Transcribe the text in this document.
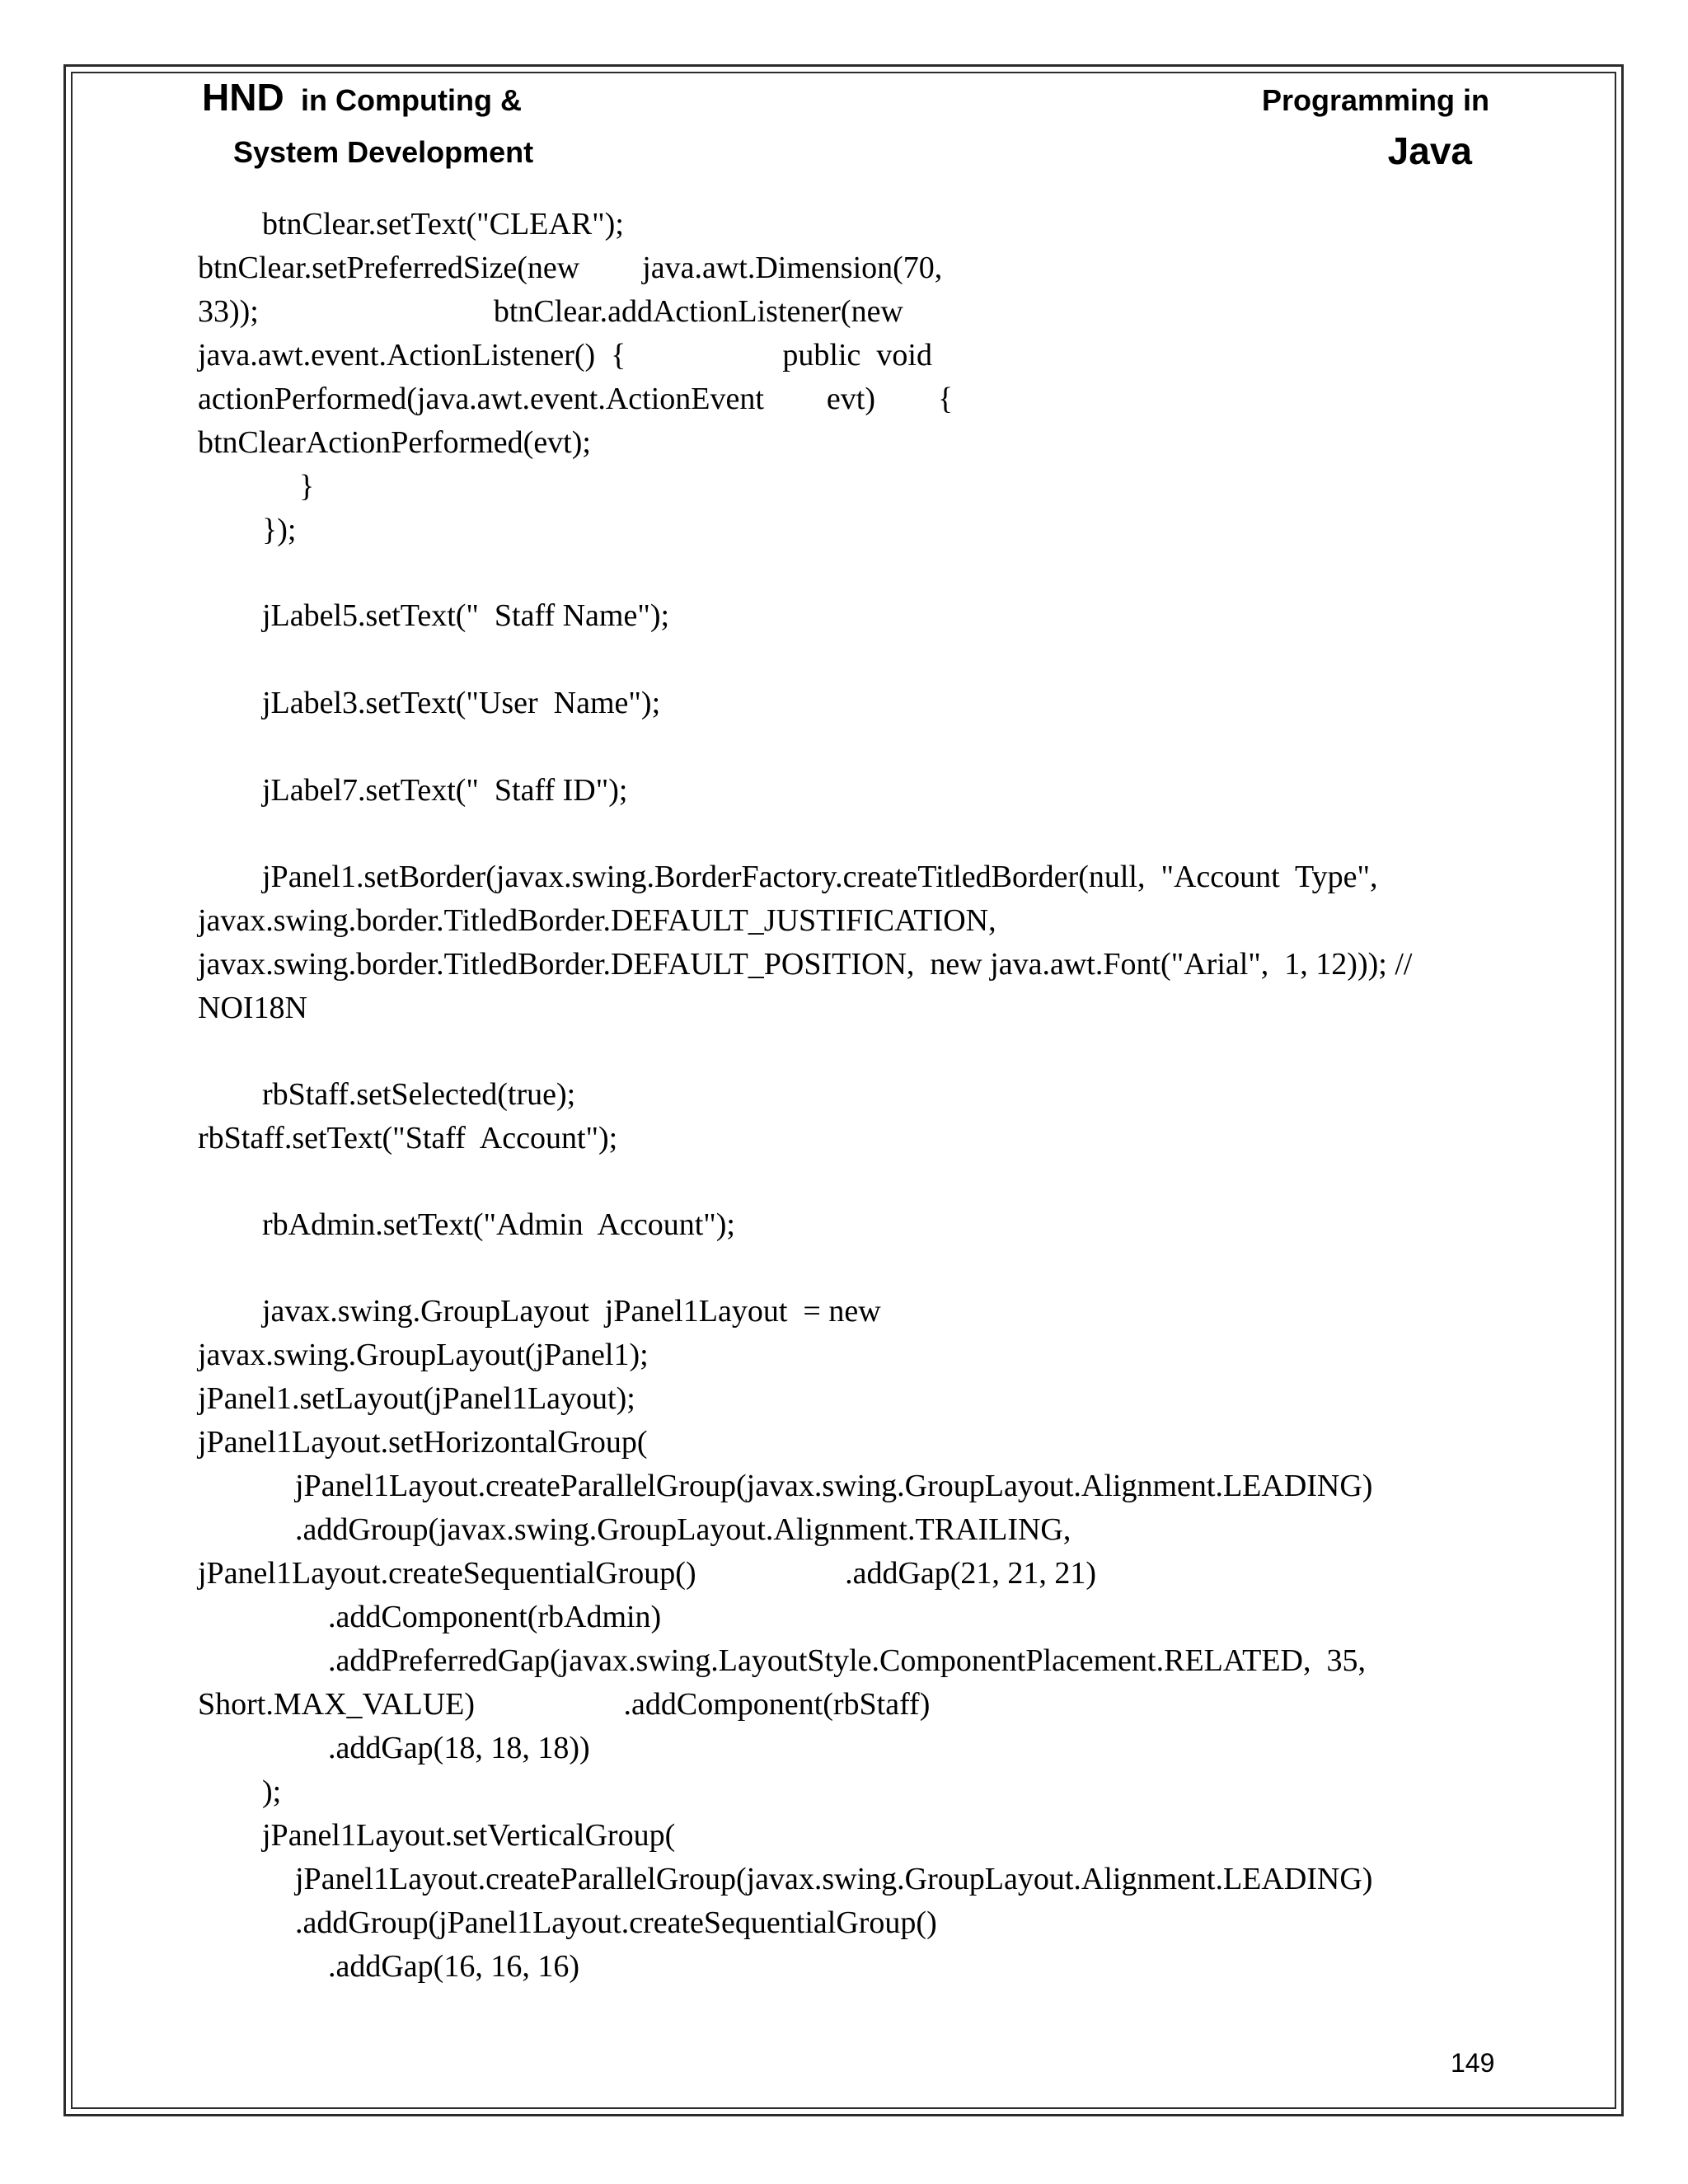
HND in Computing &
System Development
Programming in
Java
btnClear.setText("CLEAR");
btnClear.setPreferredSize(new        java.awt.Dimension(70,
33));                              btnClear.addActionListener(new
java.awt.event.ActionListener()  {                    public  void
actionPerformed(java.awt.event.ActionEvent        evt)        {
btnClearActionPerformed(evt);
}
});
jLabel5.setText("  Staff Name");
jLabel3.setText("User  Name");
jLabel7.setText("  Staff ID");
jPanel1.setBorder(javax.swing.BorderFactory.createTitledBorder(null,  "Account  Type",
javax.swing.border.TitledBorder.DEFAULT_JUSTIFICATION,
javax.swing.border.TitledBorder.DEFAULT_POSITION,  new java.awt.Font("Arial",  1, 12))); //
NOI18N
rbStaff.setSelected(true);
rbStaff.setText("Staff  Account");
rbAdmin.setText("Admin  Account");
javax.swing.GroupLayout  jPanel1Layout  = new
javax.swing.GroupLayout(jPanel1);
jPanel1.setLayout(jPanel1Layout);
jPanel1Layout.setHorizontalGroup(
jPanel1Layout.createParallelGroup(javax.swing.GroupLayout.Alignment.LEADING)
.addGroup(javax.swing.GroupLayout.Alignment.TRAILING,
jPanel1Layout.createSequentialGroup()                   .addGap(21, 21, 21)
.addComponent(rbAdmin)
.addPreferredGap(javax.swing.LayoutStyle.ComponentPlacement.RELATED,  35,
Short.MAX_VALUE)                   .addComponent(rbStaff)
.addGap(18, 18, 18))
);
jPanel1Layout.setVerticalGroup(
jPanel1Layout.createParallelGroup(javax.swing.GroupLayout.Alignment.LEADING)
.addGroup(jPanel1Layout.createSequentialGroup()
.addGap(16, 16, 16)
149
